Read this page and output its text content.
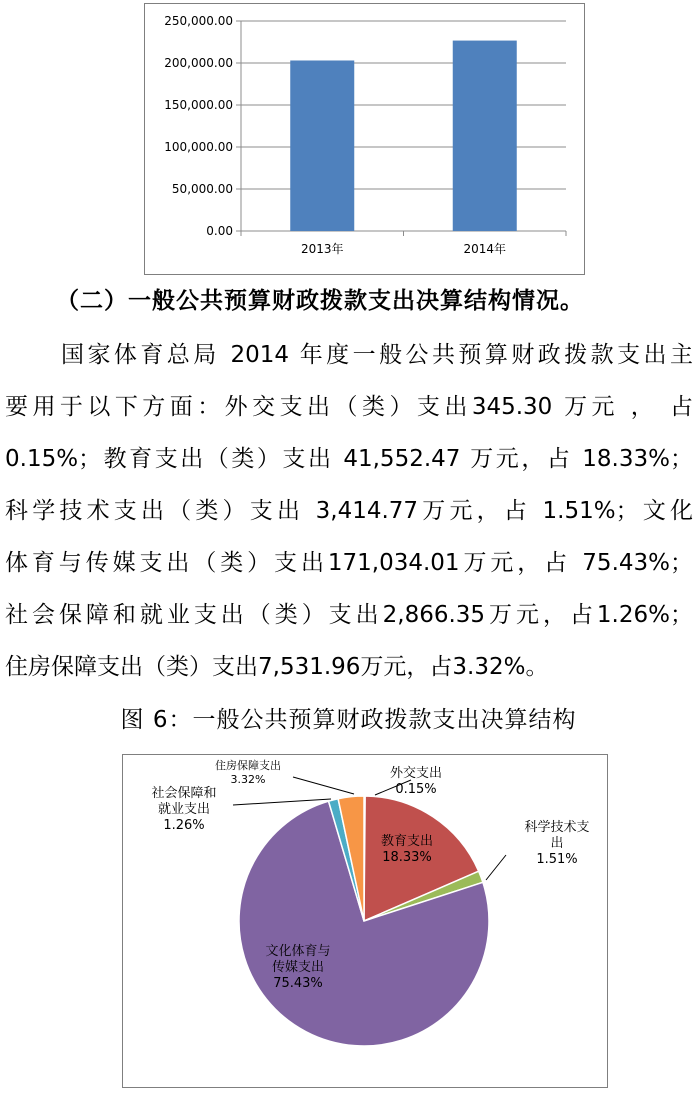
0.00
50,000.00
100,000.00
150,000.00
200,000.00
250,000.00
2013年	2014年
（二）一般公共预算财政拨款支出决算结构情况。
国家体育总局 2014 年度一般公共预算财政拨款支出主
要用于以下方面：外交支出（类）支出345.30 万元 ， 占
0.15%；教育支出（类）支出 41,552.47 万元，占 18.33%；
科学技术支出（类）支出 3,414.77万元，占 1.51%；文化
体育与传媒支出（类）支出171,034.01万元，占 75.43%；
社会保障和就业支出（类）支出2,866.35万元，占1.26%；
住房保障支出（类）支出7,531.96万元，占3.32%。
图 6：一般公共预算财政拨款支出决算结构
外交支出
0.15%
教育支出
18.33%
科学技术支
出
1.51%
文化体育与
传媒支出
75.43%
社会保障和
就业支出
1.26%
住房保障支出
3.32%
